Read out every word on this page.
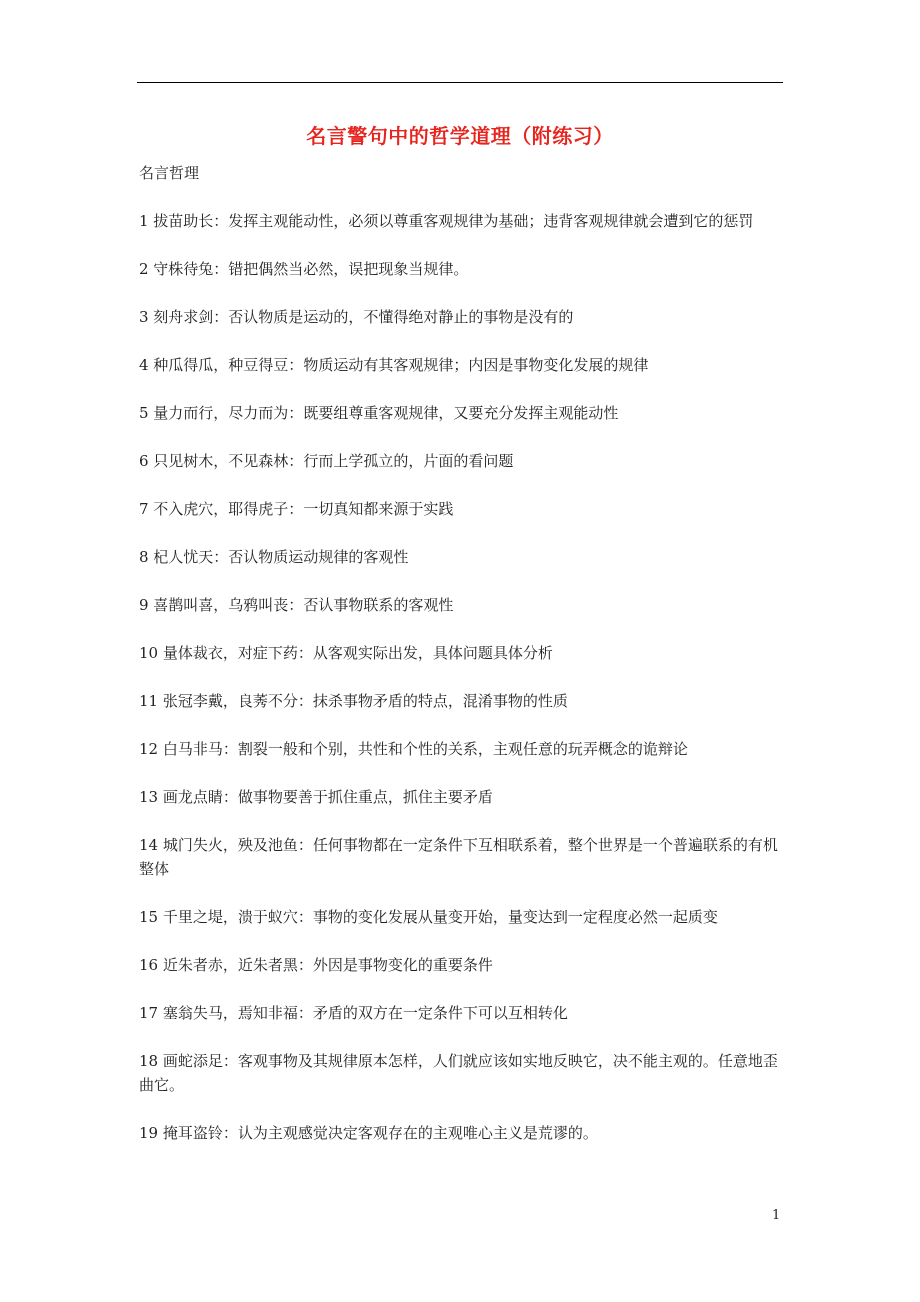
名言警句中的哲学道理（附练习）
名言哲理

1 拔苗助长：发挥主观能动性，必须以尊重客观规律为基础；违背客观规律就会遭到它的惩罚

2 守株待兔：错把偶然当必然，误把现象当规律。

3 刻舟求剑：否认物质是运动的，不懂得绝对静止的事物是没有的

4 种瓜得瓜，种豆得豆：物质运动有其客观规律；内因是事物变化发展的规律

5 量力而行，尽力而为：既要组尊重客观规律，又要充分发挥主观能动性

6 只见树木，不见森林：行而上学孤立的，片面的看问题

7 不入虎穴，耶得虎子：一切真知都来源于实践

8 杞人忧天：否认物质运动规律的客观性

9 喜鹊叫喜，乌鸦叫丧：否认事物联系的客观性

10 量体裁衣，对症下药：从客观实际出发，具体问题具体分析

11 张冠李戴，良莠不分：抹杀事物矛盾的特点，混淆事物的性质

12 白马非马：割裂一般和个别，共性和个性的关系，主观任意的玩弄概念的诡辩论

13 画龙点睛：做事物要善于抓住重点，抓住主要矛盾

14 城门失火，殃及池鱼：任何事物都在一定条件下互相联系着，整个世界是一个普遍联系的有机整体

15 千里之堤，溃于蚁穴：事物的变化发展从量变开始，量变达到一定程度必然一起质变

16 近朱者赤，近朱者黑：外因是事物变化的重要条件

17 塞翁失马，焉知非福：矛盾的双方在一定条件下可以互相转化

18 画蛇添足：客观事物及其规律原本怎样，人们就应该如实地反映它，决不能主观的。任意地歪曲它。

19 掩耳盗铃：认为主观感觉决定客观存在的主观唯心主义是荒谬的。

1
